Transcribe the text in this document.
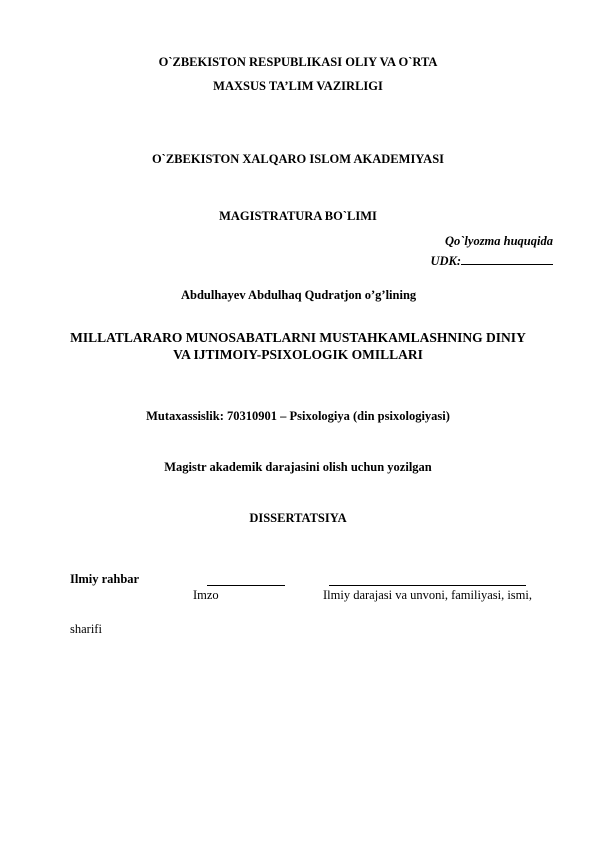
O`ZBEKISTON RESPUBLIKASI OLIY VA O`RTA
MAXSUS TA’LIM VAZIRLIGI
O`ZBEKISTON XALQARO ISLOM AKADEMIYASI
MAGISTRATURA BO`LIMI
Qo`lyozma huquqida
UDK:
Abdulhayev Abdulhaq Qudratjon o’g’lining
MILLATLARARO MUNOSABATLARNI MUSTAHKAMLASHNING DINIY
VA IJTIMOIY-PSIXOLOGIK OMILLARI
Mutaxassislik: 70310901 – Psixologiya (din psixologiyasi)
Magistr akademik darajasini olish uchun yozilgan
DISSERTATSIYA
Ilmiy rahbar
Imzo	Ilmiy darajasi va unvoni, familiyasi, ismi,
sharifi
